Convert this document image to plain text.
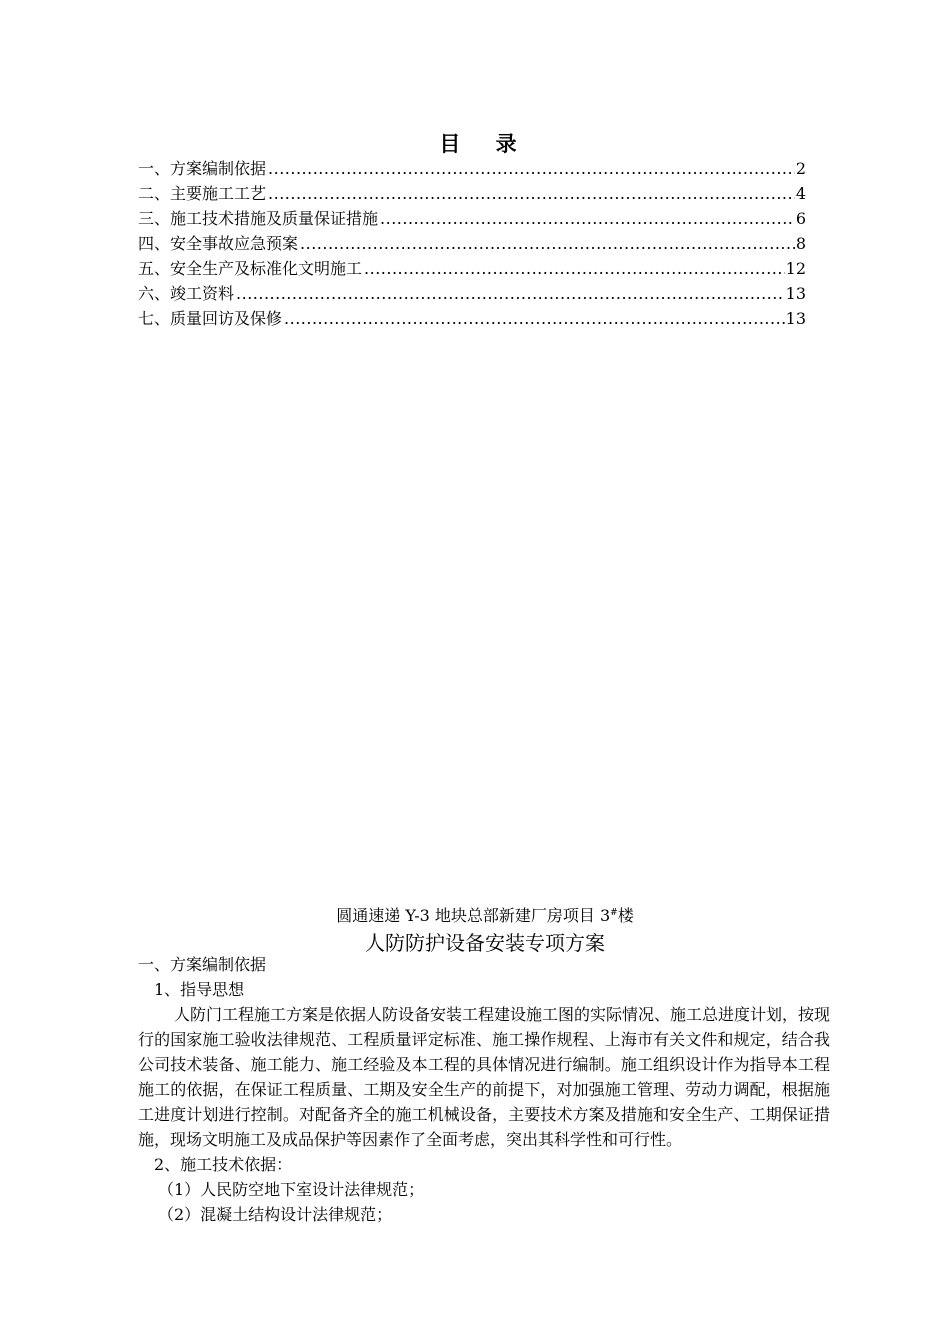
目 录
一、方案编制依据 .....	2
二、主要施工工艺 .....	4
三、施工技术措施及质量保证措施 .....	6
四、安全事故应急预案 .....	8
五、安全生产及标准化文明施工 .....	12
六、竣工资料 .....	13
七、质量回访及保修 .....	13
圆通速递 Y-3 地块总部新建厂房项目 3#楼
人防防护设备安装专项方案
一、方案编制依据
1、指导思想

人防门工程施工方案是依据人防设备安装工程建设施工图的实际情况、施工总进度计划，按现行的国家施工验收法律规范、工程质量评定标准、施工操作规程、上海市有关文件和规定，结合我公司技术装备、施工能力、施工经验及本工程的具体情况进行编制。施工组织设计作为指导本工程施工的依据，在保证工程质量、工期及安全生产的前提下，对加强施工管理、劳动力调配，根据施工进度计划进行控制。对配备齐全的施工机械设备，主要技术方案及措施和安全生产、工期保证措施，现场文明施工及成品保护等因素作了全面考虑，突出其科学性和可行性。

2、施工技术依据：
（1）人民防空地下室设计法律规范；
（2）混凝土结构设计法律规范；
